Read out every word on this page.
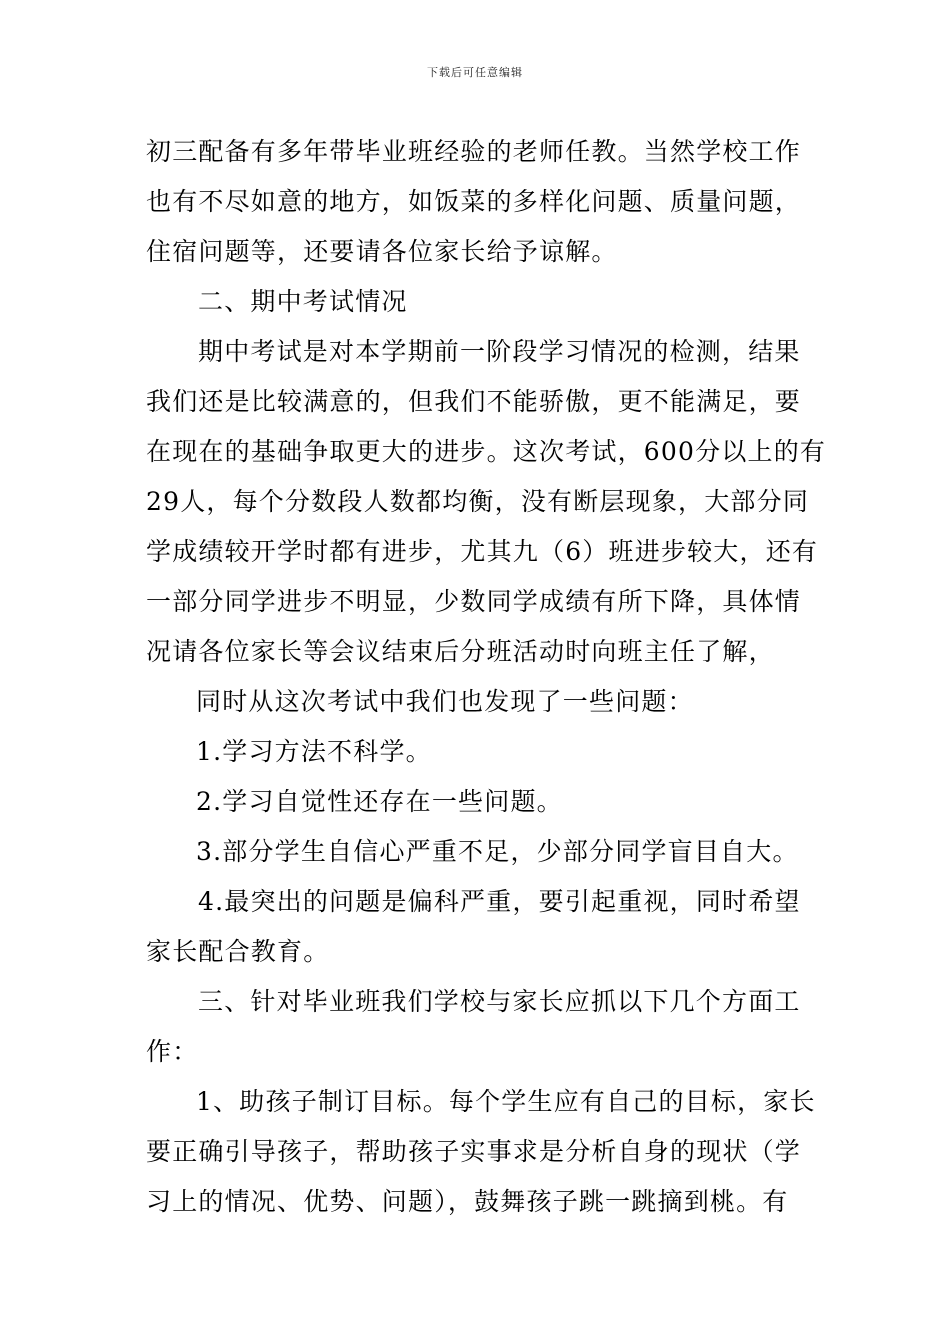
下载后可任意编辑
初三配备有多年带毕业班经验的老师任教。当然学校工作
也有不尽如意的地方，如饭菜的多样化问题、质量问题，
住宿问题等，还要请各位家长给予谅解。
二、期中考试情况
期中考试是对本学期前一阶段学习情况的检测，结果
我们还是比较满意的，但我们不能骄傲，更不能满足，要
在现在的基础争取更大的进步。这次考试，600分以上的有
29人，每个分数段人数都均衡，没有断层现象，大部分同
学成绩较开学时都有进步，尤其九（6）班进步较大，还有
一部分同学进步不明显，少数同学成绩有所下降，具体情
况请各位家长等会议结束后分班活动时向班主任了解，
同时从这次考试中我们也发现了一些问题：
1.学习方法不科学。
2.学习自觉性还存在一些问题。
3.部分学生自信心严重不足，少部分同学盲目自大。
4.最突出的问题是偏科严重，要引起重视，同时希望
家长配合教育。
三、针对毕业班我们学校与家长应抓以下几个方面工
作：
1、助孩子制订目标。每个学生应有自己的目标，家长
要正确引导孩子，帮助孩子实事求是分析自身的现状（学
习上的情况、优势、问题），鼓舞孩子跳一跳摘到桃。有
